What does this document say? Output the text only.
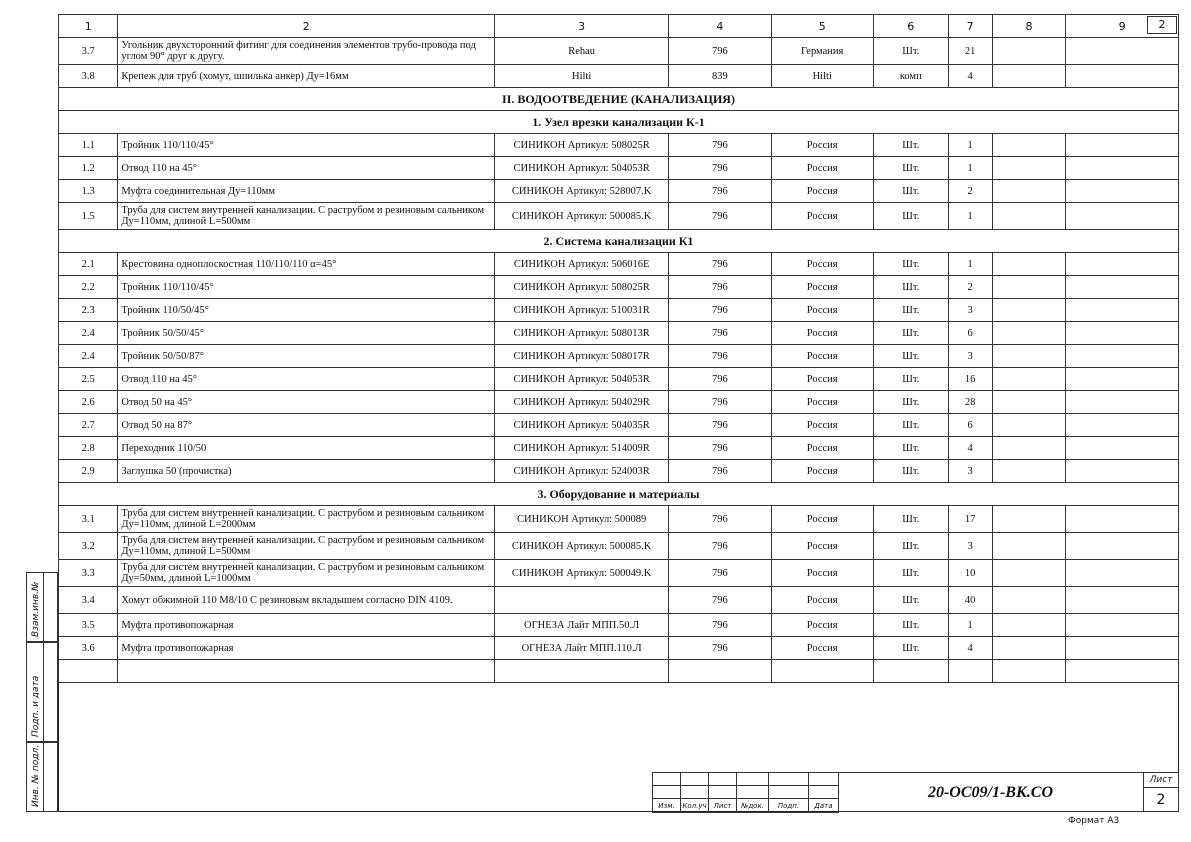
1	2	3	4	5	6	7	8	9
3.7	Угольник двухсторонний фитинг для соединения элементов трубо-провода под углом 90° друг к другу.	Rehau	796	Германия	Шт.	21		
3.8	Крепеж для труб (хомут, шпилька анкер) Ду=16мм	Hilti	839	Hilti	комп	4		
II. ВОДООТВЕДЕНИЕ (КАНАЛИЗАЦИЯ)								
1. Узел врезки канализации К-1								
1.1	Тройник 110/110/45°	СИНИКОН Артикул: 508025R	796	Россия	Шт.	1		
1.2	Отвод 110 на 45°	СИНИКОН Артикул: 504053R	796	Россия	Шт.	1		
1.3	Муфта соединительная Ду=110мм	СИНИКОН Артикул: 528007.K	796	Россия	Шт.	2		
1.5	Труба для систем внутренней канализации. С раструбом и резиновым сальником Ду=110мм, длиной L=500мм	СИНИКОН Артикул: 500085.K	796	Россия	Шт.	1		
2. Система канализации К1								
2.1	Крестовина одноплоскостная 110/110/110 α=45°	СИНИКОН Артикул: 506016E	796	Россия	Шт.	1		
2.2	Тройник 110/110/45°	СИНИКОН Артикул: 508025R	796	Россия	Шт.	2		
2.3	Тройник 110/50/45°	СИНИКОН Артикул: 510031R	796	Россия	Шт.	3		
2.4	Тройник 50/50/45°	СИНИКОН Артикул: 508013R	796	Россия	Шт.	6		
2.4	Тройник 50/50/87°	СИНИКОН Артикул: 508017R	796	Россия	Шт.	3		
2.5	Отвод 110 на 45°	СИНИКОН Артикул: 504053R	796	Россия	Шт.	16		
2.6	Отвод 50 на 45°	СИНИКОН Артикул: 504029R	796	Россия	Шт.	28		
2.7	Отвод 50 на 87°	СИНИКОН Артикул: 504035R	796	Россия	Шт.	6		
2.8	Переходник 110/50	СИНИКОН Артикул: 514009R	796	Россия	Шт.	4		
2.9	Заглушка 50 (прочистка)	СИНИКОН Артикул: 524003R	796	Россия	Шт.	3		
3. Оборудование и материалы								
3.1	Труба для систем внутренней канализации. С раструбом и резиновым сальником Ду=110мм, длиной L=2000мм	СИНИКОН Артикул: 500089	796	Россия	Шт.	17		
3.2	Труба для систем внутренней канализации. С раструбом и резиновым сальником Ду=110мм, длиной L=500мм	СИНИКОН Артикул: 500085.K	796	Россия	Шт.	3		
3.3	Труба для систем внутренней канализации. С раструбом и резиновым сальником Ду=50мм, длиной L=1000мм	СИНИКОН Артикул: 500049.K	796	Россия	Шт.	10		
3.4	Хомут обжимной 110 M8/10 С резиновым вкладышем согласно DIN 4109.		796	Россия	Шт.	40		
3.5	Муфта противопожарная	ОГНЕЗА Лайт МПП.50.Л	796	Россия	Шт.	1		
3.6	Муфта противопожарная	ОГНЕЗА Лайт МПП.110.Л	796	Россия	Шт.	4		

2
Взам.инв.№
Подп. и дата
Инв. № подл.

						Изм.	Кол.уч	Лист	№док.	Подп.	Дата
20-ОС09/1-ВК.СО
Лист
2
Формат А3
